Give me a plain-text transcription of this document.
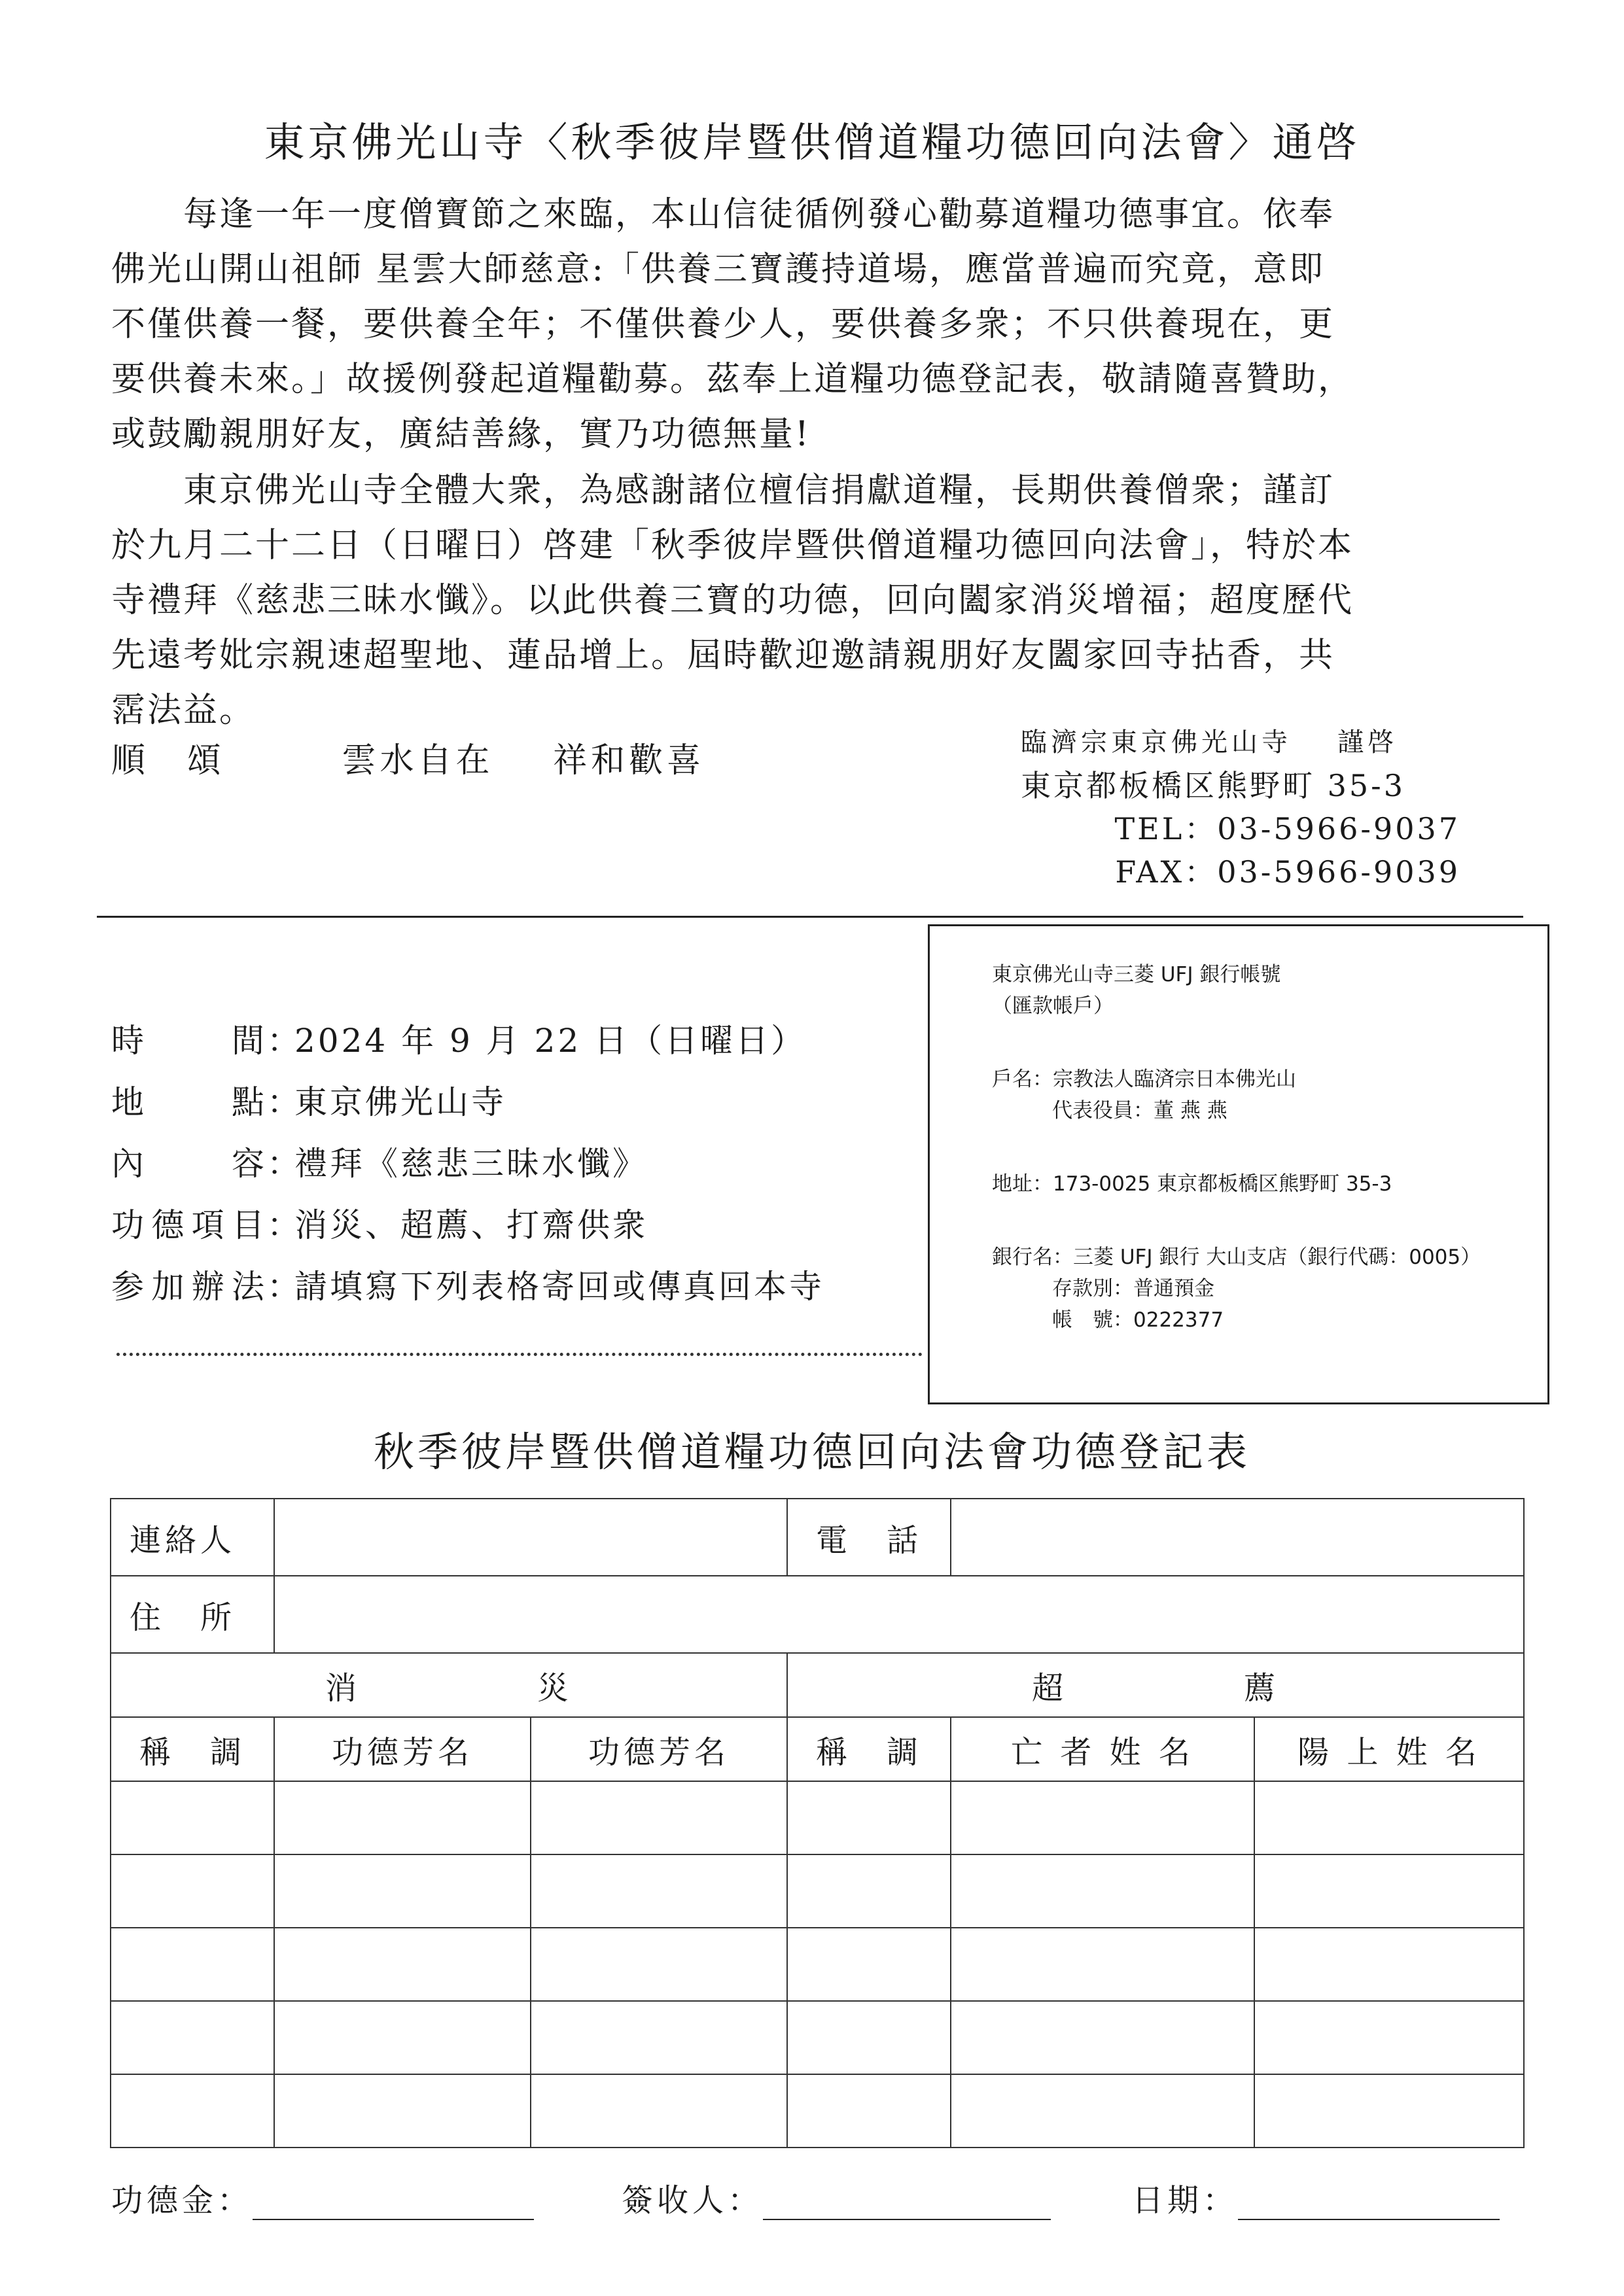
東京佛光山寺〈秋季彼岸暨供僧道糧功德回向法會〉通啓

　　每逢一年一度僧寶節之來臨，本山信徒循例發心勸募道糧功德事宜。依奉

佛光山開山祖師 星雲大師慈意:「供養三寶護持道場，應當普遍而究竟，意即

不僅供養一餐，要供養全年；不僅供養少人，要供養多衆；不只供養現在，更

要供養未來。」故援例發起道糧勸募。茲奉上道糧功德登記表，敬請隨喜贊助，

或鼓勵親朋好友，廣結善緣，實乃功德無量!

　　東京佛光山寺全體大衆，為感謝諸位檀信捐獻道糧，長期供養僧衆；謹訂

於九月二十二日（日曜日）啓建「秋季彼岸暨供僧道糧功德回向法會」，特於本

寺禮拜《慈悲三昧水懺》。以此供養三寶的功德，回向闔家消災增福；超度歷代

先遠考妣宗親速超聖地、蓮品增上。屆時歡迎邀請親朋好友闔家回寺拈香，共

霑法益。

順　頌	雲水自在 祥和歡喜	臨濟宗東京佛光山寺 謹啓
東京都板橋区熊野町 35-3
TEL：03-5966-9037
FAX：03-5966-9039
時間 ：
2024 年 9 月 22 日（日曜日）
地點 ：
東京佛光山寺
內容 ：
禮拜《慈悲三昧水懺》
功德項目 ：
消災、超薦、打齋供衆
参加辦法 ：
請填寫下列表格寄回或傳真回本寺
東京佛光山寺三菱 UFJ 銀行帳號
（匯款帳戶）
戶名：宗教法人臨済宗日本佛光山
代表役員：董 燕 燕
地址：173-0025 東京都板橋区熊野町 35-3
銀行名：三菱 UFJ 銀行 大山支店（銀行代碼：0005）
存款別：普通預金
帳　號：0222377
秋季彼岸暨供僧道糧功德回向法會功德登記表
連絡人			電　話		
住　所					
消　　　　　災			超　　　　　薦		
稱　調	功德芳名	功德芳名	稱　調	亡 者 姓 名	陽 上 姓 名

功德金：	簽收人：	日期：
